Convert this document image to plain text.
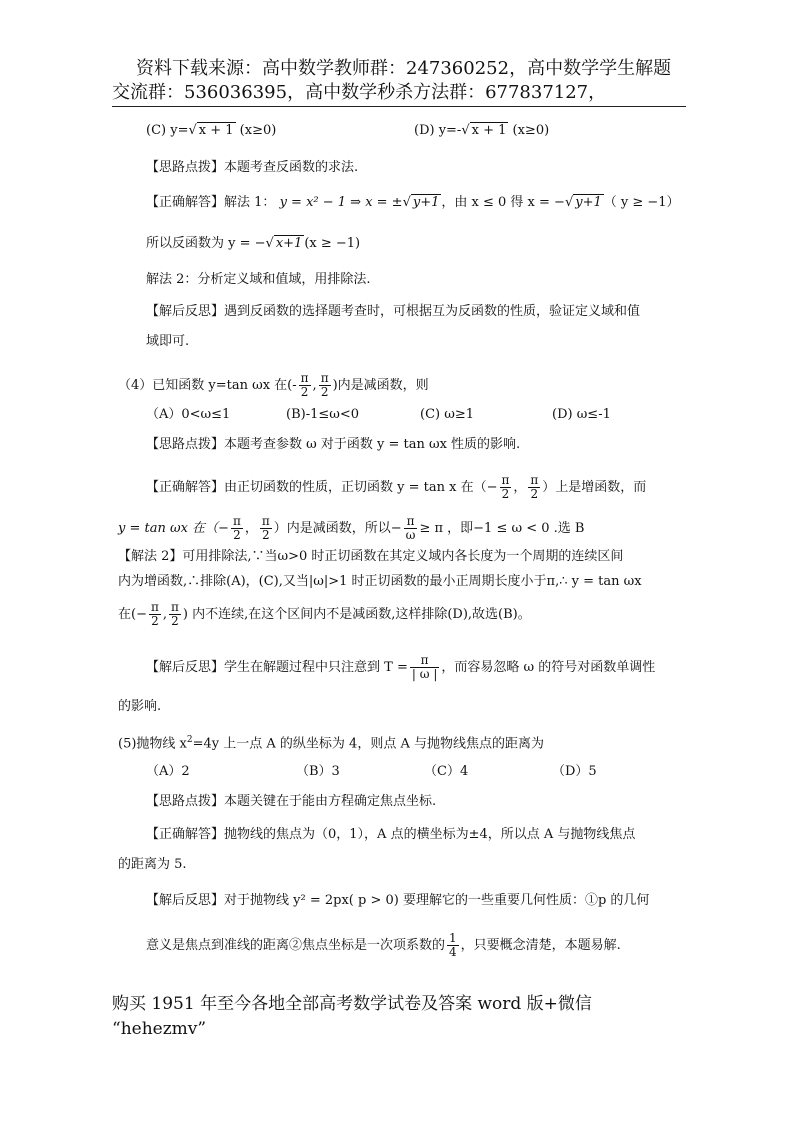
资料下载来源：高中数学教师群：247360252，高中数学学生解题
交流群：536036395，高中数学秒杀方法群：677837127，
(C) y=√ x + 1 (x≥0)	(D) y=-√ x + 1 (x≥0)
【思路点拨】本题考查反函数的求法.
【正确解答】解法 1： y = x² − 1 ⇒ x = ±√ y+1 ，由 x ≤ 0 得 x = −√ y+1 （ y ≥ −1）
所以反函数为 y = −√ x+1 (x ≥ −1)
解法 2：分析定义域和值域，用排除法.
【解后反思】遇到反函数的选择题考查时，可根据互为反函数的性质，验证定义域和值
域即可.
（4）已知函数 y=tan ωx 在(- $\frac{\pi}{2}$ , $\frac{\pi}{2}$ )内是减函数，则
（A）0<ω≤1	(B)-1≤ω<0	(C) ω≥1	(D) ω≤-1
【思路点拨】本题考查参数 ω 对于函数 y = tan ωx 性质的影响.
【正确解答】由正切函数的性质，正切函数 y = tan x 在（− $\frac{\pi}{2}$ ， $\frac{\pi}{2}$ ）上是增函数，而
y = tan ωx 在（− $\frac{\pi}{2}$ ， $\frac{\pi}{2}$ ）内是减函数，所以− $\frac{\pi}{\omega} \ge \pi$ ，即−1 ≤ ω < 0 .选 B
【解法 2】可用排除法,∵当ω>0 时正切函数在其定义域内各长度为一个周期的连续区间
内为增函数,∴排除(A)，(C),又当|ω|>1 时正切函数的最小正周期长度小于π,∴ y = tan ωx
在(− $\frac{\pi}{2}$ , $\frac{\pi}{2}$ ) 内不连续,在这个区间内不是减函数,这样排除(D),故选(B)。
【解后反思】学生在解题过程中只注意到 $T = \frac{\pi}{| \omega |}$ ，而容易忽略 ω 的符号对函数单调性
的影响.
(5)抛物线 $x^2=4y$ 上一点 A 的纵坐标为 4，则点 A 与抛物线焦点的距离为
（A）2	（B）3	（C）4	（D）5
【思路点拨】本题关键在于能由方程确定焦点坐标.
【正确解答】抛物线的焦点为（0，1），A 点的横坐标为±4，所以点 A 与抛物线焦点
的距离为 5.
【解后反思】对于抛物线 y² = 2px( p > 0) 要理解它的一些重要几何性质：①p 的几何
意义是焦点到准线的距离②焦点坐标是一次项系数的 $\frac{1}{4}$ ，只要概念清楚，本题易解.
购买 1951 年至今各地全部高考数学试卷及答案 word 版+微信
“hehezmv”
